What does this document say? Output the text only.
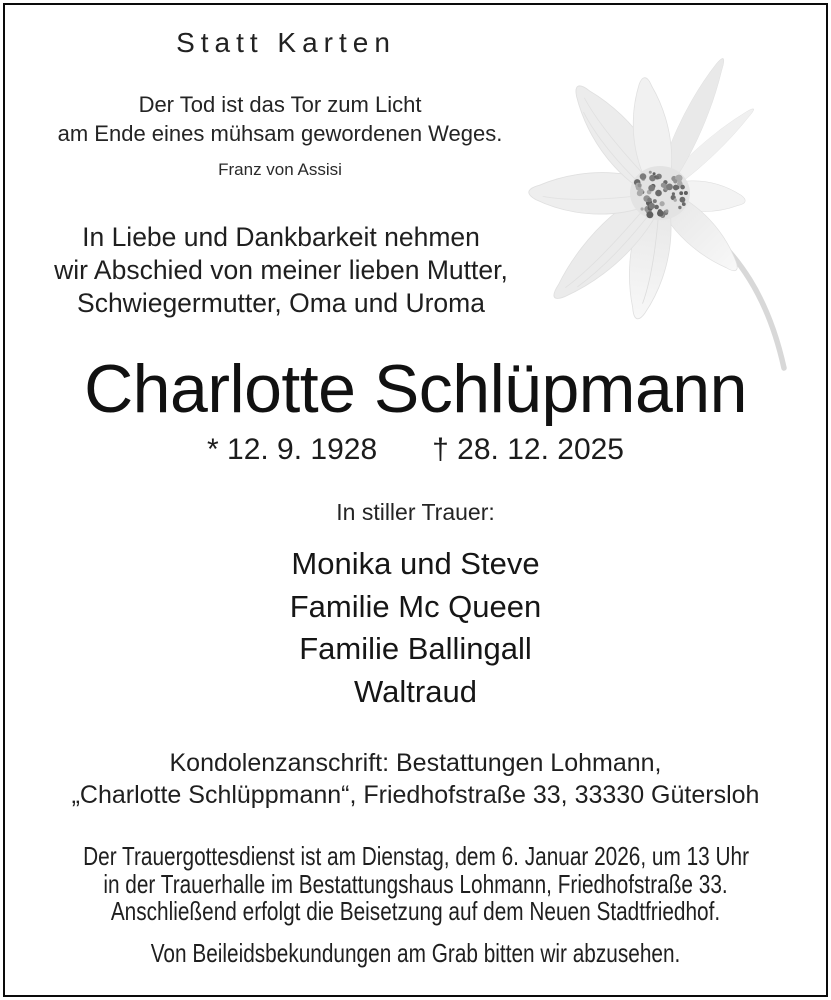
Statt Karten
Der Tod ist das Tor zum Licht
am Ende eines mühsam gewordenen Weges.
Franz von Assisi
In Liebe und Dankbarkeit nehmen
wir Abschied von meiner lieben Mutter,
Schwiegermutter, Oma und Uroma
Charlotte Schlüpmann
* 12. 9. 1928 † 28. 12. 2025
In stiller Trauer:
Monika und Steve
Familie Mc Queen
Familie Ballingall
Waltraud
Kondolenzanschrift: Bestattungen Lohmann,
„Charlotte Schlüppmann“, Friedhofstraße 33, 33330 Gütersloh
Der Trauergottesdienst ist am Dienstag, dem 6. Januar 2026, um 13 Uhr
in der Trauerhalle im Bestattungshaus Lohmann, Friedhofstraße 33.
Anschließend erfolgt die Beisetzung auf dem Neuen Stadtfriedhof.
Von Beileidsbekundungen am Grab bitten wir abzusehen.
